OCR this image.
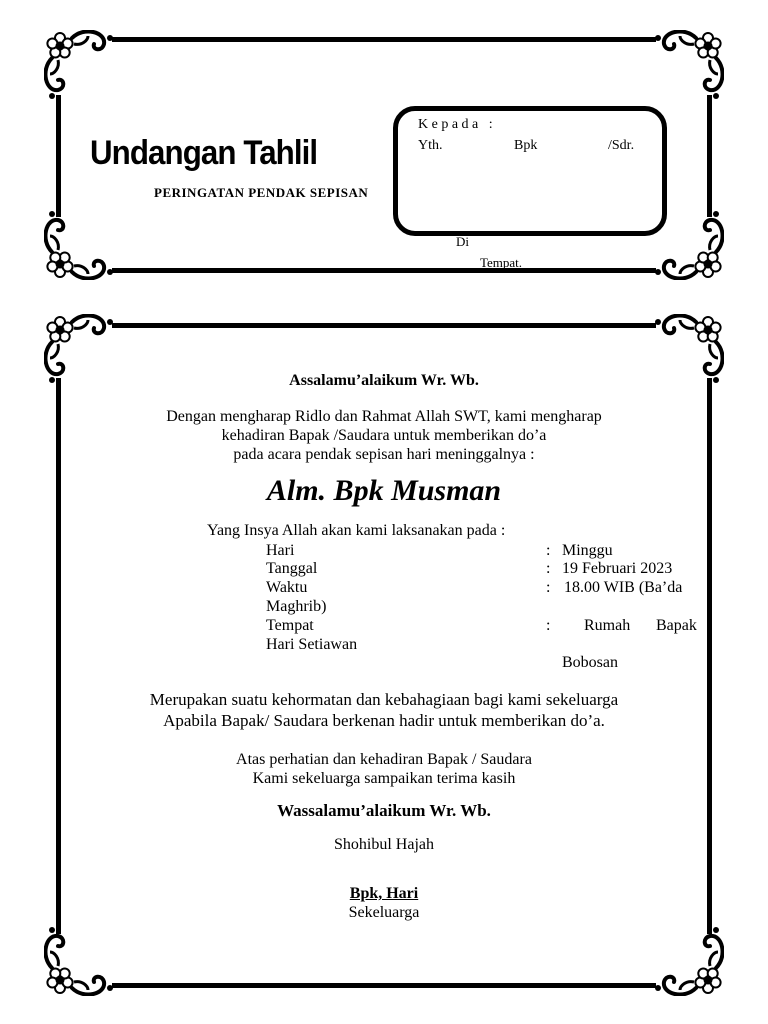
Undangan Tahlil
PERINGATAN PENDAK SEPISAN
K e p a d a   :
Yth.	Bpk	/Sdr.
Di
Tempat.
Assalamu’alaikum Wr. Wb.
Dengan mengharap Ridlo dan Rahmat Allah SWT, kami mengharap
kehadiran Bapak /Saudara untuk memberikan do’a
pada acara pendak sepisan hari meninggalnya :
Alm. Bpk Musman
Yang Insya Allah akan kami laksanakan pada :
Hari	: Minggu
Tanggal	: 19 Februari 2023
Waktu	: 18.00 WIB (Ba’da
Maghrib)
Tempat	: Rumah Bapak
Hari Setiawan
Bobosan
Merupakan suatu kehormatan dan kebahagiaan bagi kami sekeluarga
Apabila Bapak/ Saudara berkenan hadir untuk memberikan do’a.
Atas perhatian dan kehadiran Bapak / Saudara
Kami sekeluarga sampaikan terima kasih
Wassalamu’alaikum Wr. Wb.
Shohibul Hajah
Bpk, Hari
Sekeluarga
